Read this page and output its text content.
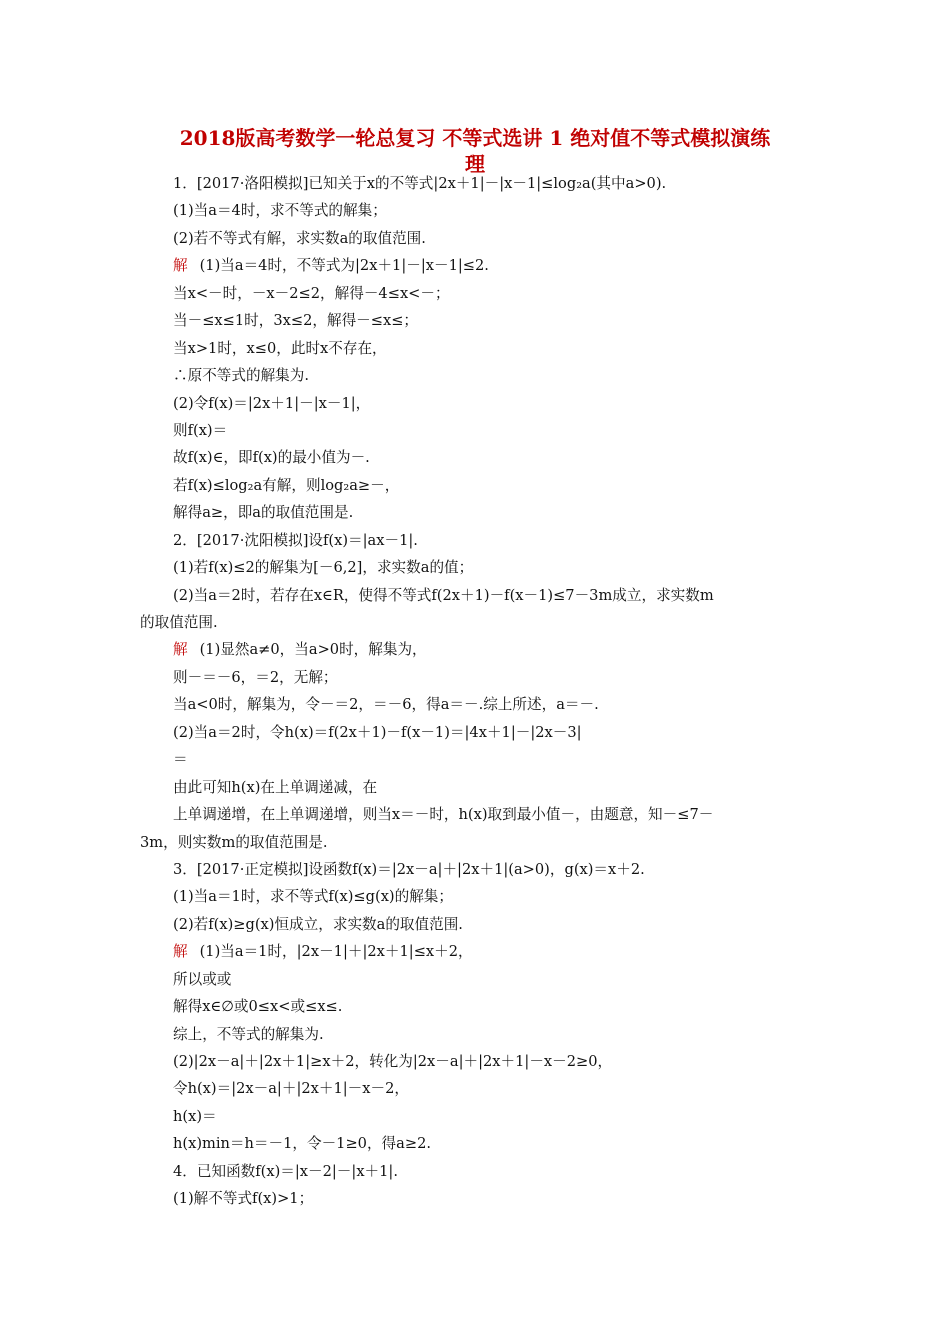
2018版高考数学一轮总复习 不等式选讲 1 绝对值不等式模拟演练
理
1．[2017·洛阳模拟]已知关于x的不等式|2x＋1|－|x－1|≤log₂a(其中a>0).
(1)当a＝4时，求不等式的解集；
(2)若不等式有解，求实数a的取值范围.
解 (1)当a＝4时，不等式为|2x＋1|－|x－1|≤2.
当x<－时，－x－2≤2，解得－4≤x<－；
当－≤x≤1时，3x≤2，解得－≤x≤；
当x>1时，x≤0，此时x不存在，
∴原不等式的解集为.
(2)令f(x)＝|2x＋1|－|x－1|，
则f(x)＝
故f(x)∈，即f(x)的最小值为－.
若f(x)≤log₂a有解，则log₂a≥－，
解得a≥，即a的取值范围是.
2．[2017·沈阳模拟]设f(x)＝|ax－1|.
(1)若f(x)≤2的解集为[－6,2]，求实数a的值；
(2)当a＝2时，若存在x∈R，使得不等式f(2x＋1)－f(x－1)≤7－3m成立，求实数m
的取值范围.
解 (1)显然a≠0，当a>0时，解集为，
则－＝－6，＝2，无解；
当a<0时，解集为，令－＝2，＝－6，得a＝－.综上所述，a＝－.
(2)当a＝2时，令h(x)＝f(2x＋1)－f(x－1)＝|4x＋1|－|2x－3|
＝
由此可知h(x)在上单调递减，在
上单调递增，在上单调递增，则当x＝－时，h(x)取到最小值－，由题意，知－≤7－
3m，则实数m的取值范围是.
3．[2017·正定模拟]设函数f(x)＝|2x－a|＋|2x＋1|(a>0)，g(x)＝x＋2.
(1)当a＝1时，求不等式f(x)≤g(x)的解集；
(2)若f(x)≥g(x)恒成立，求实数a的取值范围.
解 (1)当a＝1时，|2x－1|＋|2x＋1|≤x＋2，
所以或或
解得x∈∅或0≤x<或≤x≤.
综上，不等式的解集为.
(2)|2x－a|＋|2x＋1|≥x＋2，转化为|2x－a|＋|2x＋1|－x－2≥0，
令h(x)＝|2x－a|＋|2x＋1|－x－2，
h(x)＝
h(x)min＝h＝－1，令－1≥0，得a≥2.
4．已知函数f(x)＝|x－2|－|x＋1|.
(1)解不等式f(x)>1；
